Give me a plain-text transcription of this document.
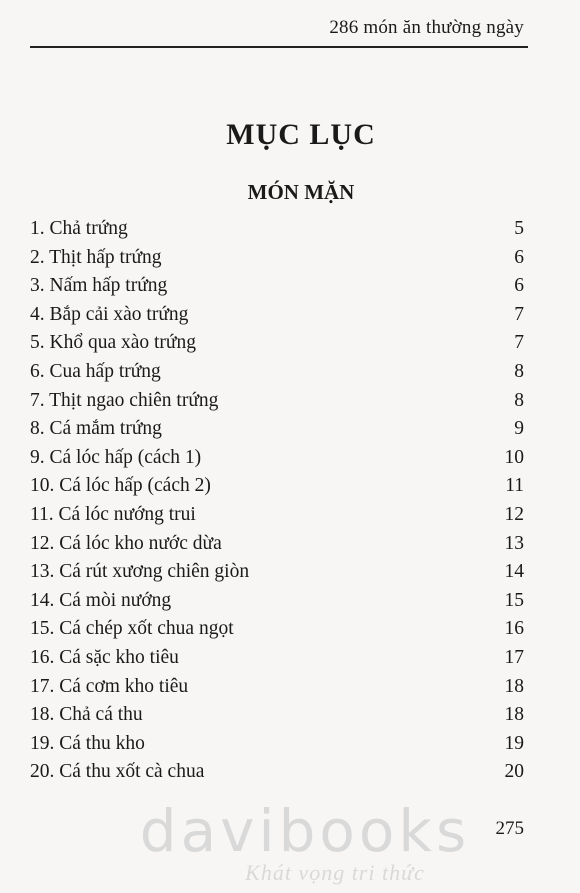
286 món ăn thường ngày
MỤC LỤC
MÓN MẶN
1. Chả trứng	5
2. Thịt hấp trứng	6
3. Nấm hấp trứng	6
4. Bắp cải xào trứng	7
5. Khổ qua xào trứng	7
6. Cua hấp trứng	8
7. Thịt ngao chiên trứng	8
8. Cá mắm trứng	9
9. Cá lóc hấp (cách 1)	10
10. Cá lóc hấp (cách 2)	11
11. Cá lóc nướng trui	12
12. Cá lóc kho nước dừa	13
13. Cá rút xương chiên giòn	14
14. Cá mòi nướng	15
15. Cá chép xốt chua ngọt	16
16. Cá sặc kho tiêu	17
17. Cá cơm kho tiêu	18
18. Chả cá thu	18
19. Cá thu kho	19
20. Cá thu xốt cà chua	20
275
davibooks
Khát vọng tri thức
